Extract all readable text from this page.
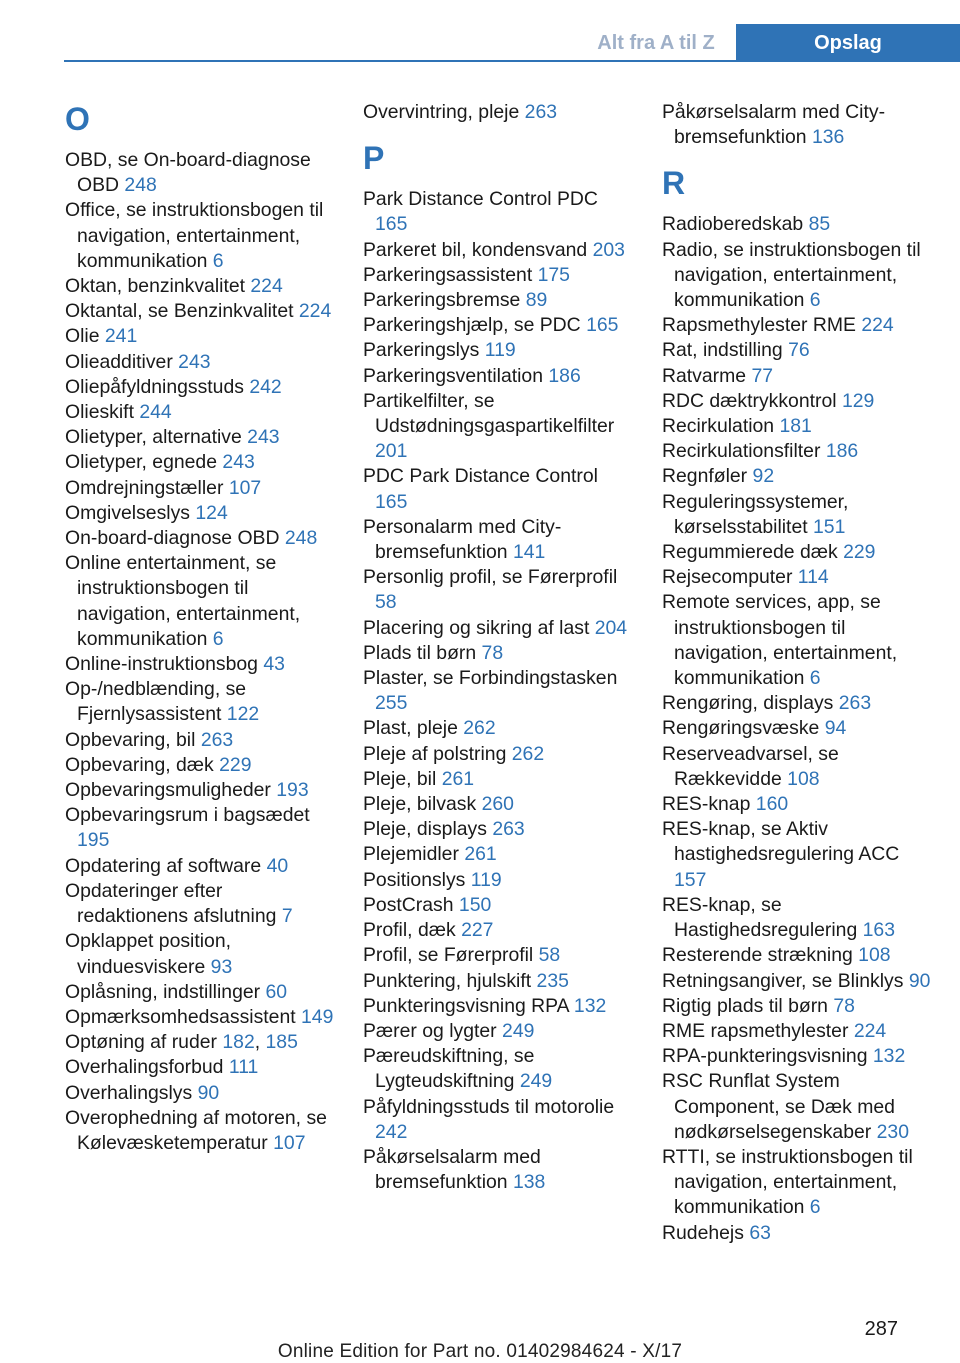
Alt fra A til Z	Opslag
O
OBD, se On-board-diagnose OBD 248
Office, se instruktionsbogen til navigation, entertainment, kommunikation 6
Oktan, benzinkvalitet 224
Oktantal, se Benzinkvalitet 224
Olie 241
Olieadditiver 243
Oliepåfyldningsstuds 242
Olieskift 244
Olietyper, alternative 243
Olietyper, egnede 243
Omdrejningstæller 107
Omgivelseslys 124
On-board-diagnose OBD 248
Online entertainment, se instruktionsbogen til navigation, entertainment, kommunikation 6
Online-instruktionsbog 43
Op-/nedblænding, se Fjernlysassistent 122
Opbevaring, bil 263
Opbevaring, dæk 229
Opbevaringsmuligheder 193
Opbevaringsrum i bagsædet 195
Opdatering af software 40
Opdateringer efter redaktionens afslutning 7
Opklappet position, vinduesviskere 93
Oplåsning, indstillinger 60
Opmærksomhedsassistent 149
Optøning af ruder 182, 185
Overhalingsforbud 111
Overhalingslys 90
Overophedning af motoren, se Kølevæsketemperatur 107
Overvintring, pleje 263
P
Park Distance Control PDC 165
Parkeret bil, kondensvand 203
Parkeringsassistent 175
Parkeringsbremse 89
Parkeringshjælp, se PDC 165
Parkeringslys 119
Parkeringsventilation 186
Partikelfilter, se Udstødningsgaspartikelfilter 201
PDC Park Distance Control 165
Personalarm med City-bremsefunktion 141
Personlig profil, se Førerprofil 58
Placering og sikring af last 204
Plads til børn 78
Plaster, se Forbindingstasken 255
Plast, pleje 262
Pleje af polstring 262
Pleje, bil 261
Pleje, bilvask 260
Pleje, displays 263
Plejemidler 261
Positionslys 119
PostCrash 150
Profil, dæk 227
Profil, se Førerprofil 58
Punktering, hjulskift 235
Punkteringsvisning RPA 132
Pærer og lygter 249
Pæreudskiftning, se Lygteudskiftning 249
Påfyldningsstuds til motorolie 242
Påkørselsalarm med bremsefunktion 138
Påkørselsalarm med City-bremsefunktion 136
R
Radioberedskab 85
Radio, se instruktionsbogen til navigation, entertainment, kommunikation 6
Rapsmethylester RME 224
Rat, indstilling 76
Ratvarme 77
RDC dæktrykkontrol 129
Recirkulation 181
Recirkulationsfilter 186
Regnføler 92
Reguleringssystemer, kørselsstabilitet 151
Regummierede dæk 229
Rejsecomputer 114
Remote services, app, se instruktionsbogen til navigation, entertainment, kommunikation 6
Rengøring, displays 263
Rengøringsvæske 94
Reserveadvarsel, se Rækkevidde 108
RES-knap 160
RES-knap, se Aktiv hastighedsregulering ACC 157
RES-knap, se Hastighedsregulering 163
Resterende strækning 108
Retningsangiver, se Blinklys 90
Rigtig plads til børn 78
RME rapsmethylester 224
RPA-punkteringsvisning 132
RSC Runflat System Component, se Dæk med nødkørselsegenskaber 230
RTTI, se instruktionsbogen til navigation, entertainment, kommunikation 6
Rudehejs 63
287
Online Edition for Part no. 01402984624 - X/17
